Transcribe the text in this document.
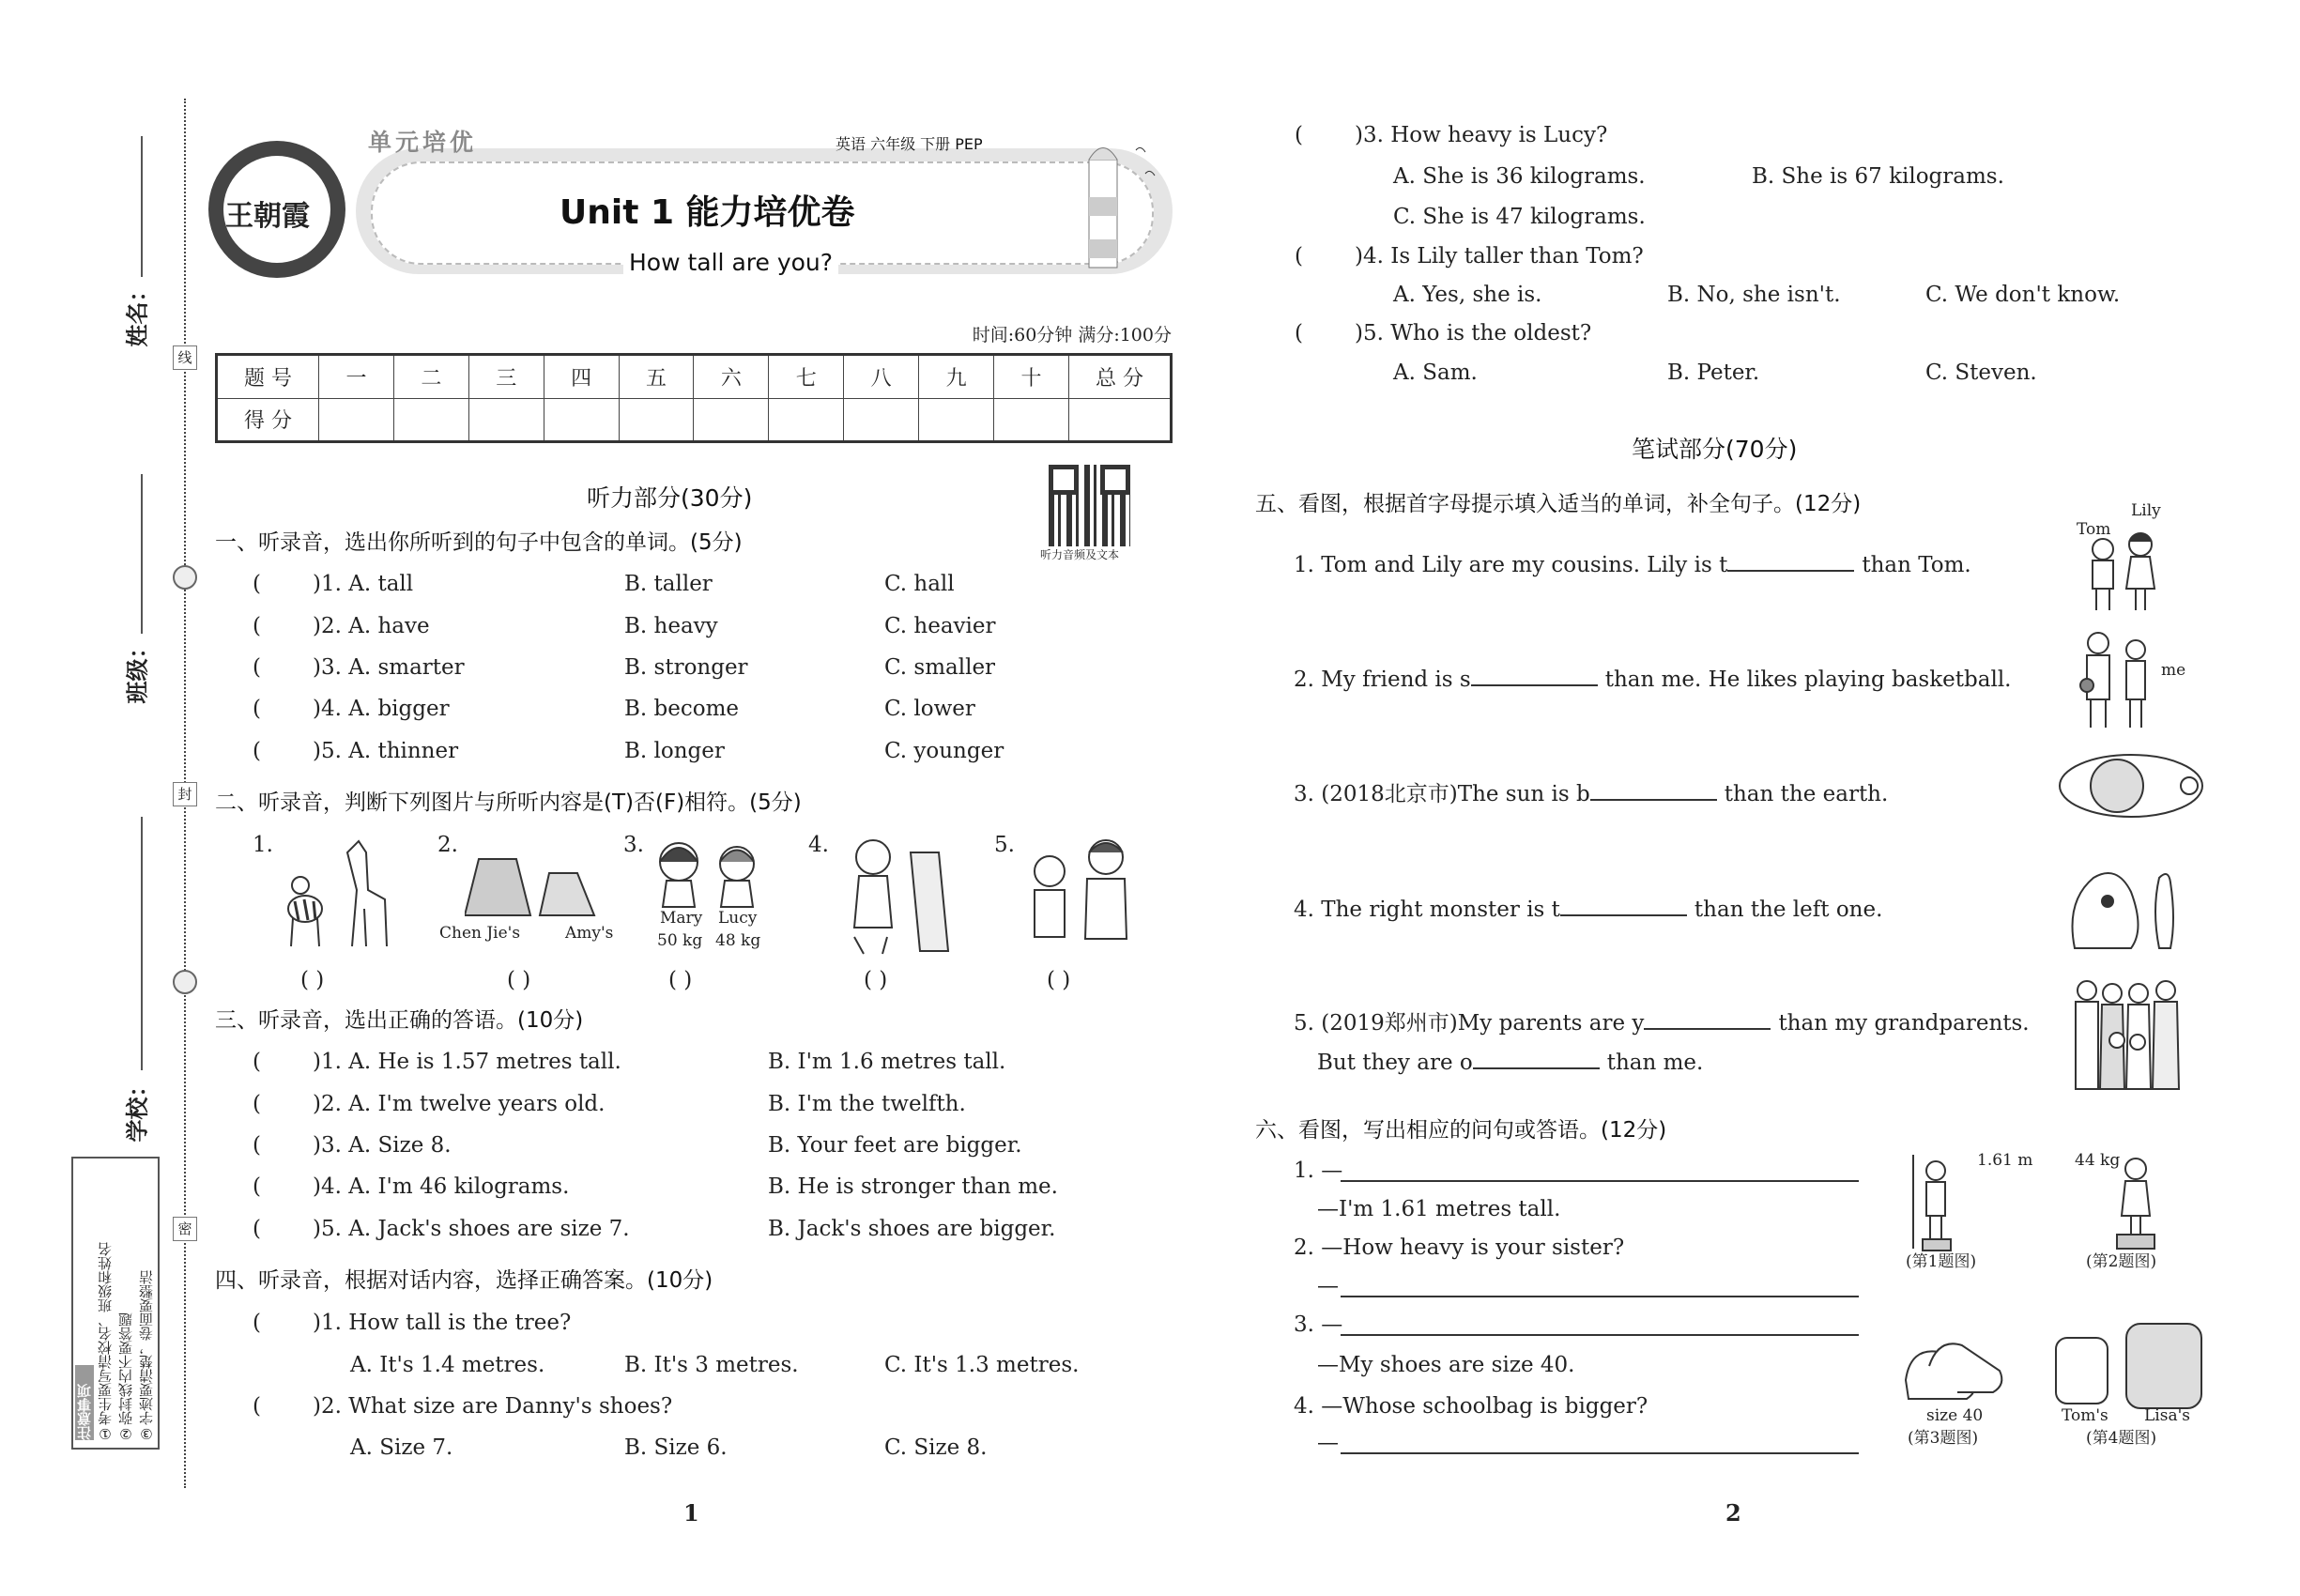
线
封
密
姓名：
班级：
学校：
注意事项 ①考生要写清校名、班级和姓名 ②弥封线内不要答题 ③字迹要清楚，卷面要整洁
王朝霞
单元培优	英语 六年级 下册 PEP
Unit 1 能力培优卷
How tall are you?
时间:60分钟 满分:100分
题 号	一	二	三	四	五	六	七	八	九	十	总 分
得 分											
听力音频及文本
听力部分(30分)
一、听录音，选出你所听到的句子中包含的单词。(5分)
( )1. A. tall	B. taller	C. hall
( )2. A. have	B. heavy	C. heavier
( )3. A. smarter	B. stronger	C. smaller
( )4. A. bigger	B. become	C. lower
( )5. A. thinner	B. longer	C. younger
二、听录音，判断下列图片与所听内容是(T)否(F)相符。(5分)
1.	2.	3.	4.	5.
( )	( )	( )	( )	( )
Chen Jie's	Amy's
Mary
50 kg
Lucy
48 kg
三、听录音，选出正确的答语。(10分)
( )1. A. He is 1.57 metres tall.	B. I'm 1.6 metres tall.
( )2. A. I'm twelve years old.	B. I'm the twelfth.
( )3. A. Size 8.	B. Your feet are bigger.
( )4. A. I'm 46 kilograms.	B. He is stronger than me.
( )5. A. Jack's shoes are size 7.	B. Jack's shoes are bigger.
四、听录音，根据对话内容，选择正确答案。(10分)
( )1. How tall is the tree?
A. It's 1.4 metres.	B. It's 3 metres.	C. It's 1.3 metres.
( )2. What size are Danny's shoes?
A. Size 7.	B. Size 6.	C. Size 8.
( )3. How heavy is Lucy?
A. She is 36 kilograms.	B. She is 67 kilograms.
C. She is 47 kilograms.
( )4. Is Lily taller than Tom?
A. Yes, she is.	B. No, she isn't.	C. We don't know.
( )5. Who is the oldest?
A. Sam.	B. Peter.	C. Steven.
笔试部分(70分)
五、看图，根据首字母提示填入适当的单词，补全句子。(12分)
1. Tom and Lily are my cousins. Lily is t	than Tom.
2. My friend is s	than me. He likes playing basketball.
3. (2018北京市)The sun is b	than the earth.
4. The right monster is t	than the left one.
5. (2019郑州市)My parents are y	than my grandparents.
But they are o	than me.
Tom
Lily
me
六、看图，写出相应的问句或答语。(12分)
1. —
—I'm 1.61 metres tall.
2. —How heavy is your sister?
—
3. —
—My shoes are size 40.
4. —Whose schoolbag is bigger?
—
1.61 m	44 kg
(第1题图)	(第2题图)
size 40	Tom's Lisa's
(第3题图)	(第4题图)
1	2
